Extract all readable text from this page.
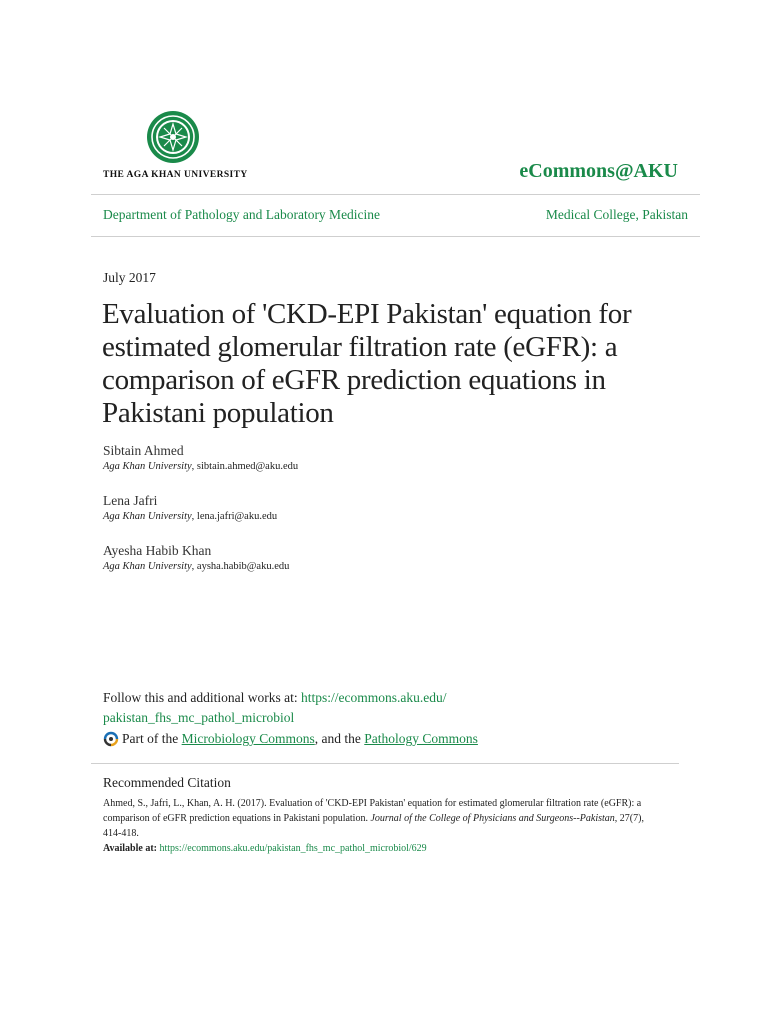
THE AGA KHAN UNIVERSITY	eCommons@AKU
Department of Pathology and Laboratory Medicine	Medical College, Pakistan
July 2017
Evaluation of 'CKD-EPI Pakistan' equation for estimated glomerular filtration rate (eGFR): a comparison of eGFR prediction equations in Pakistani population
Sibtain Ahmed
Aga Khan University, sibtain.ahmed@aku.edu
Lena Jafri
Aga Khan University, lena.jafri@aku.edu
Ayesha Habib Khan
Aga Khan University, aysha.habib@aku.edu
Follow this and additional works at: https://ecommons.aku.edu/
pakistan_fhs_mc_pathol_microbiol
Part of the
Microbiology Commons , and the
Pathology Commons
Recommended Citation
Ahmed, S., Jafri, L., Khan, A. H. (2017). Evaluation of 'CKD-EPI Pakistan' equation for estimated glomerular filtration rate (eGFR): a comparison of eGFR prediction equations in Pakistani population. Journal of the College of Physicians and Surgeons--Pakistan, 27(7),
414-418.
Available at: https://ecommons.aku.edu/pakistan_fhs_mc_pathol_microbiol/629
